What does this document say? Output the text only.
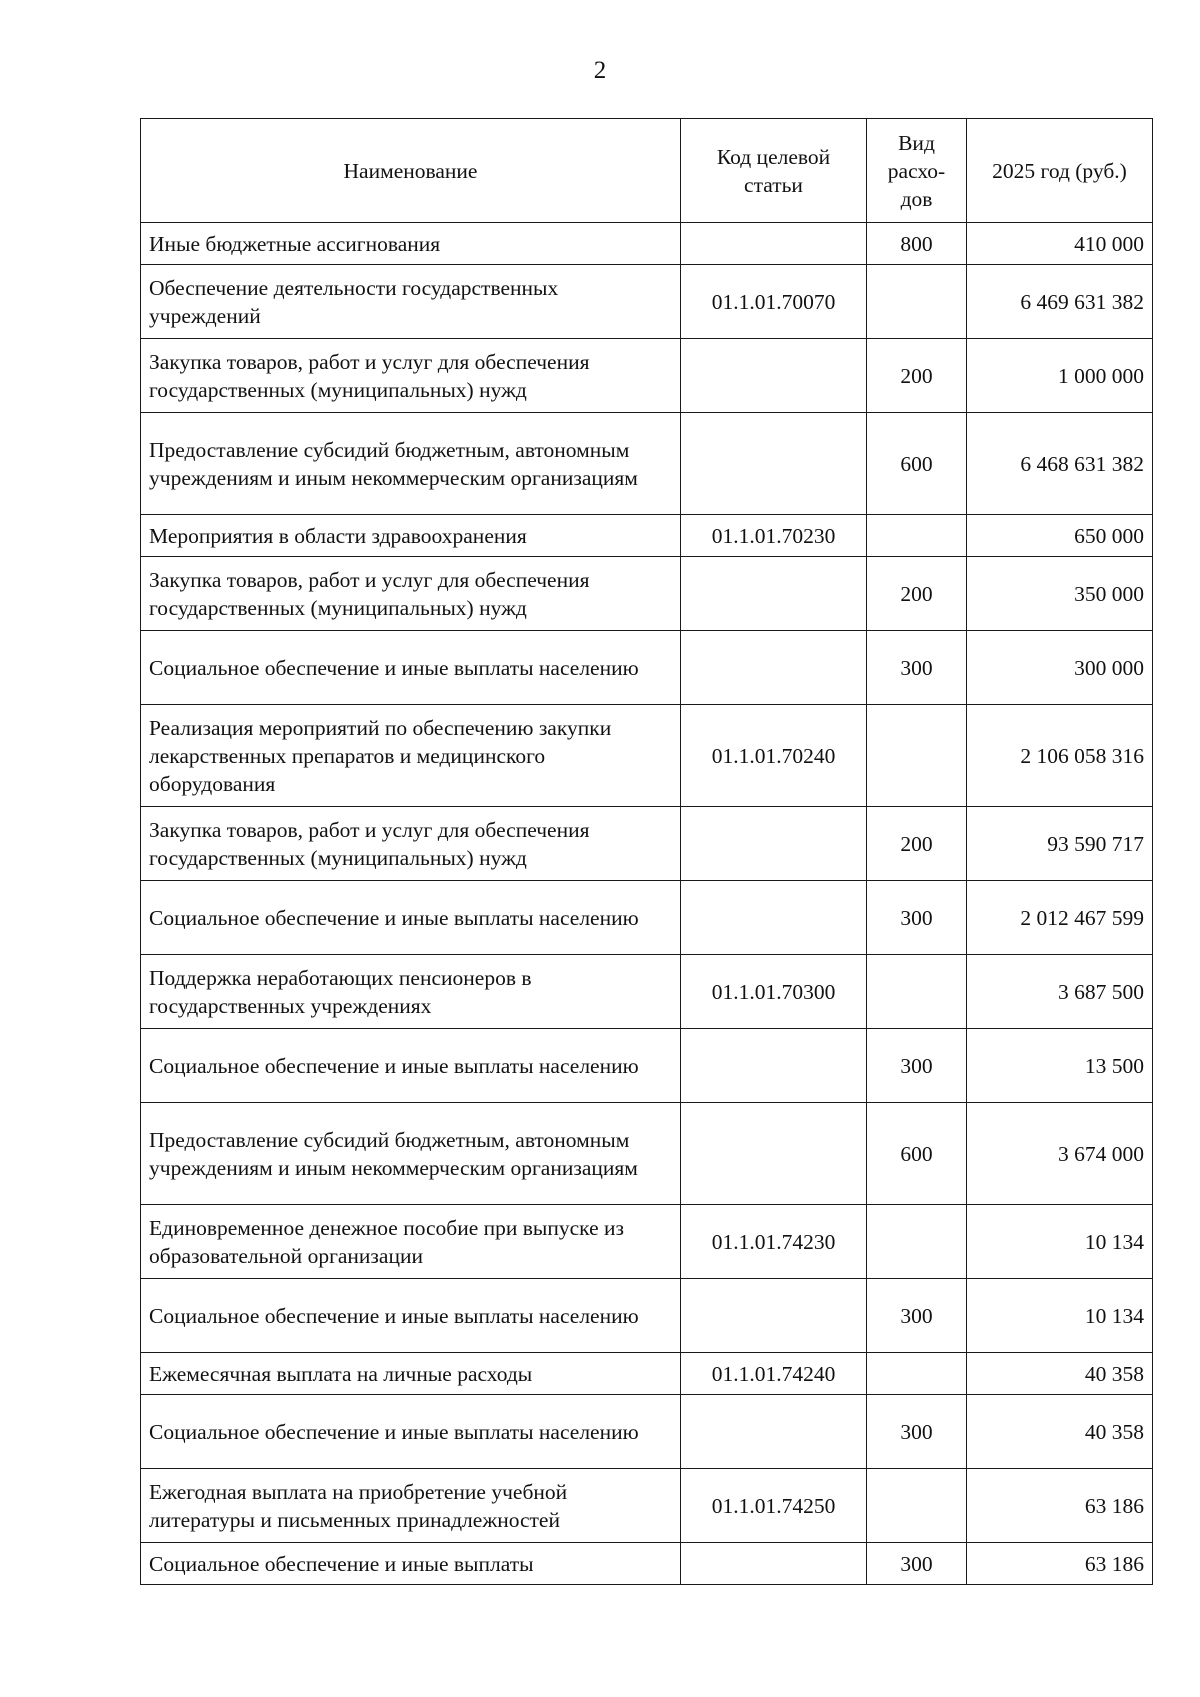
2
Наименование	Код целевой статьи	Вид расхо-дов	2025 год (руб.)
Иные бюджетные ассигнования		800	410 000
Обеспечение деятельности государственных учреждений	01.1.01.70070		6 469 631 382
Закупка товаров, работ и услуг для обеспечения государственных (муниципальных) нужд		200	1 000 000
Предоставление субсидий бюджетным, автономным учреждениям и иным некоммерческим организациям		600	6 468 631 382
Мероприятия в области здравоохранения	01.1.01.70230		650 000
Закупка товаров, работ и услуг для обеспечения государственных (муниципальных) нужд		200	350 000
Социальное обеспечение и иные выплаты населению		300	300 000
Реализация мероприятий по обеспечению закупки лекарственных препаратов и медицинского оборудования	01.1.01.70240		2 106 058 316
Закупка товаров, работ и услуг для обеспечения государственных (муниципальных) нужд		200	93 590 717
Социальное обеспечение и иные выплаты населению		300	2 012 467 599
Поддержка неработающих пенсионеров в государственных учреждениях	01.1.01.70300		3 687 500
Социальное обеспечение и иные выплаты населению		300	13 500
Предоставление субсидий бюджетным, автономным учреждениям и иным некоммерческим организациям		600	3 674 000
Единовременное денежное пособие при выпуске из образовательной организации	01.1.01.74230		10 134
Социальное обеспечение и иные выплаты населению		300	10 134
Ежемесячная выплата на личные расходы	01.1.01.74240		40 358
Социальное обеспечение и иные выплаты населению		300	40 358
Ежегодная выплата на приобретение учебной литературы и письменных принадлежностей	01.1.01.74250		63 186
Социальное обеспечение и иные выплаты		300	63 186
